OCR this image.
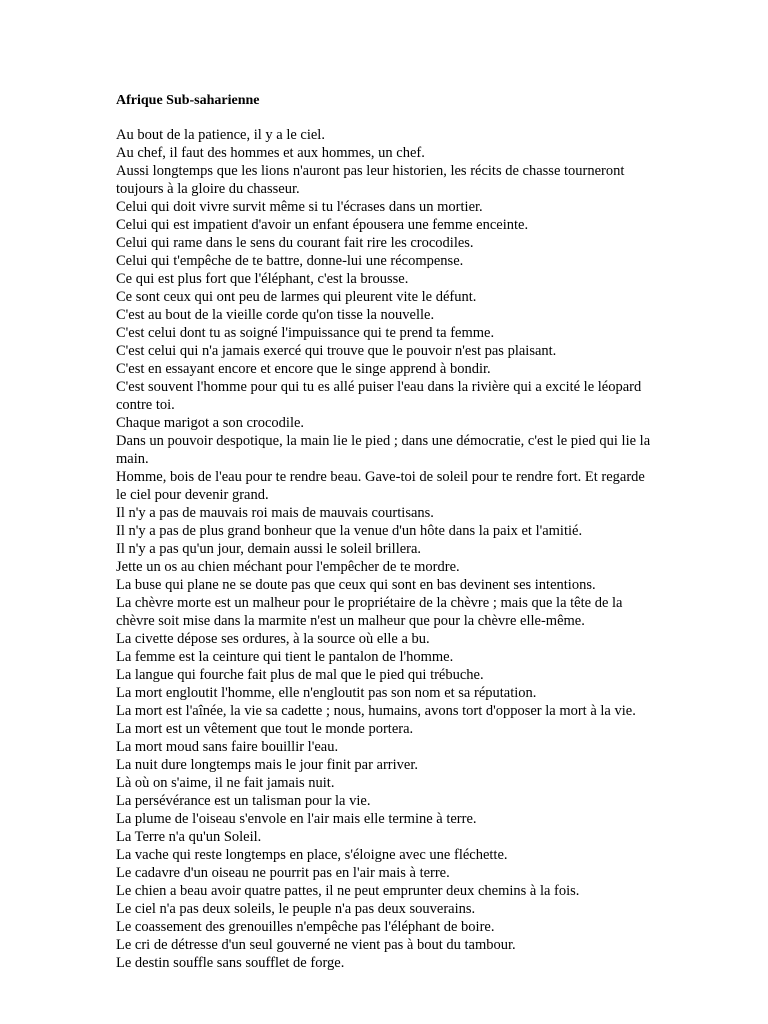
Afrique Sub-saharienne

Au bout de la patience, il y a le ciel.

Au chef, il faut des hommes et aux hommes, un chef.

Aussi longtemps que les lions n'auront pas leur historien, les récits de chasse tourneront toujours à la gloire du chasseur.

Celui qui doit vivre survit même si tu l'écrases dans un mortier.

Celui qui est impatient d'avoir un enfant épousera une femme enceinte.

Celui qui rame dans le sens du courant fait rire les crocodiles.

Celui qui t'empêche de te battre, donne-lui une récompense.

Ce qui est plus fort que l'éléphant, c'est la brousse.

Ce sont ceux qui ont peu de larmes qui pleurent vite le défunt.

C'est au bout de la vieille corde qu'on tisse la nouvelle.

C'est celui dont tu as soigné l'impuissance qui te prend ta femme.

C'est celui qui n'a jamais exercé qui trouve que le pouvoir n'est pas plaisant.

C'est en essayant encore et encore que le singe apprend à bondir.

C'est souvent l'homme pour qui tu es allé puiser l'eau dans la rivière qui a excité le léopard contre toi.

Chaque marigot a son crocodile.

Dans un pouvoir despotique, la main lie le pied ; dans une démocratie, c'est le pied qui lie la main.

Homme, bois de l'eau pour te rendre beau. Gave-toi de soleil pour te rendre fort. Et regarde le ciel pour devenir grand.

Il n'y a pas de mauvais roi mais de mauvais courtisans.

Il n'y a pas de plus grand bonheur que la venue d'un hôte dans la paix et l'amitié.

Il n'y a pas qu'un jour, demain aussi le soleil brillera.

Jette un os au chien méchant pour l'empêcher de te mordre.

La buse qui plane ne se doute pas que ceux qui sont en bas devinent ses intentions.

La chèvre morte est un malheur pour le propriétaire de la chèvre ; mais que la tête de la chèvre soit mise dans la marmite n'est un malheur que pour la chèvre elle-même.

La civette dépose ses ordures, à la source où elle a bu.

La femme est la ceinture qui tient le pantalon de l'homme.

La langue qui fourche fait plus de mal que le pied qui trébuche.

La mort engloutit l'homme, elle n'engloutit pas son nom et sa réputation.

La mort est l'aînée, la vie sa cadette ; nous, humains, avons tort d'opposer la mort à la vie.

La mort est un vêtement que tout le monde portera.

La mort moud sans faire bouillir l'eau.

La nuit dure longtemps mais le jour finit par arriver.

Là où on s'aime, il ne fait jamais nuit.

La persévérance est un talisman pour la vie.

La plume de l'oiseau s'envole en l'air mais elle termine à terre.

La Terre n'a qu'un Soleil.

La vache qui reste longtemps en place, s'éloigne avec une fléchette.

Le cadavre d'un oiseau ne pourrit pas en l'air mais à terre.

Le chien a beau avoir quatre pattes, il ne peut emprunter deux chemins à la fois.

Le ciel n'a pas deux soleils, le peuple n'a pas deux souverains.

Le coassement des grenouilles n'empêche pas l'éléphant de boire.

Le cri de détresse d'un seul gouverné ne vient pas à bout du tambour.

Le destin souffle sans soufflet de forge.
